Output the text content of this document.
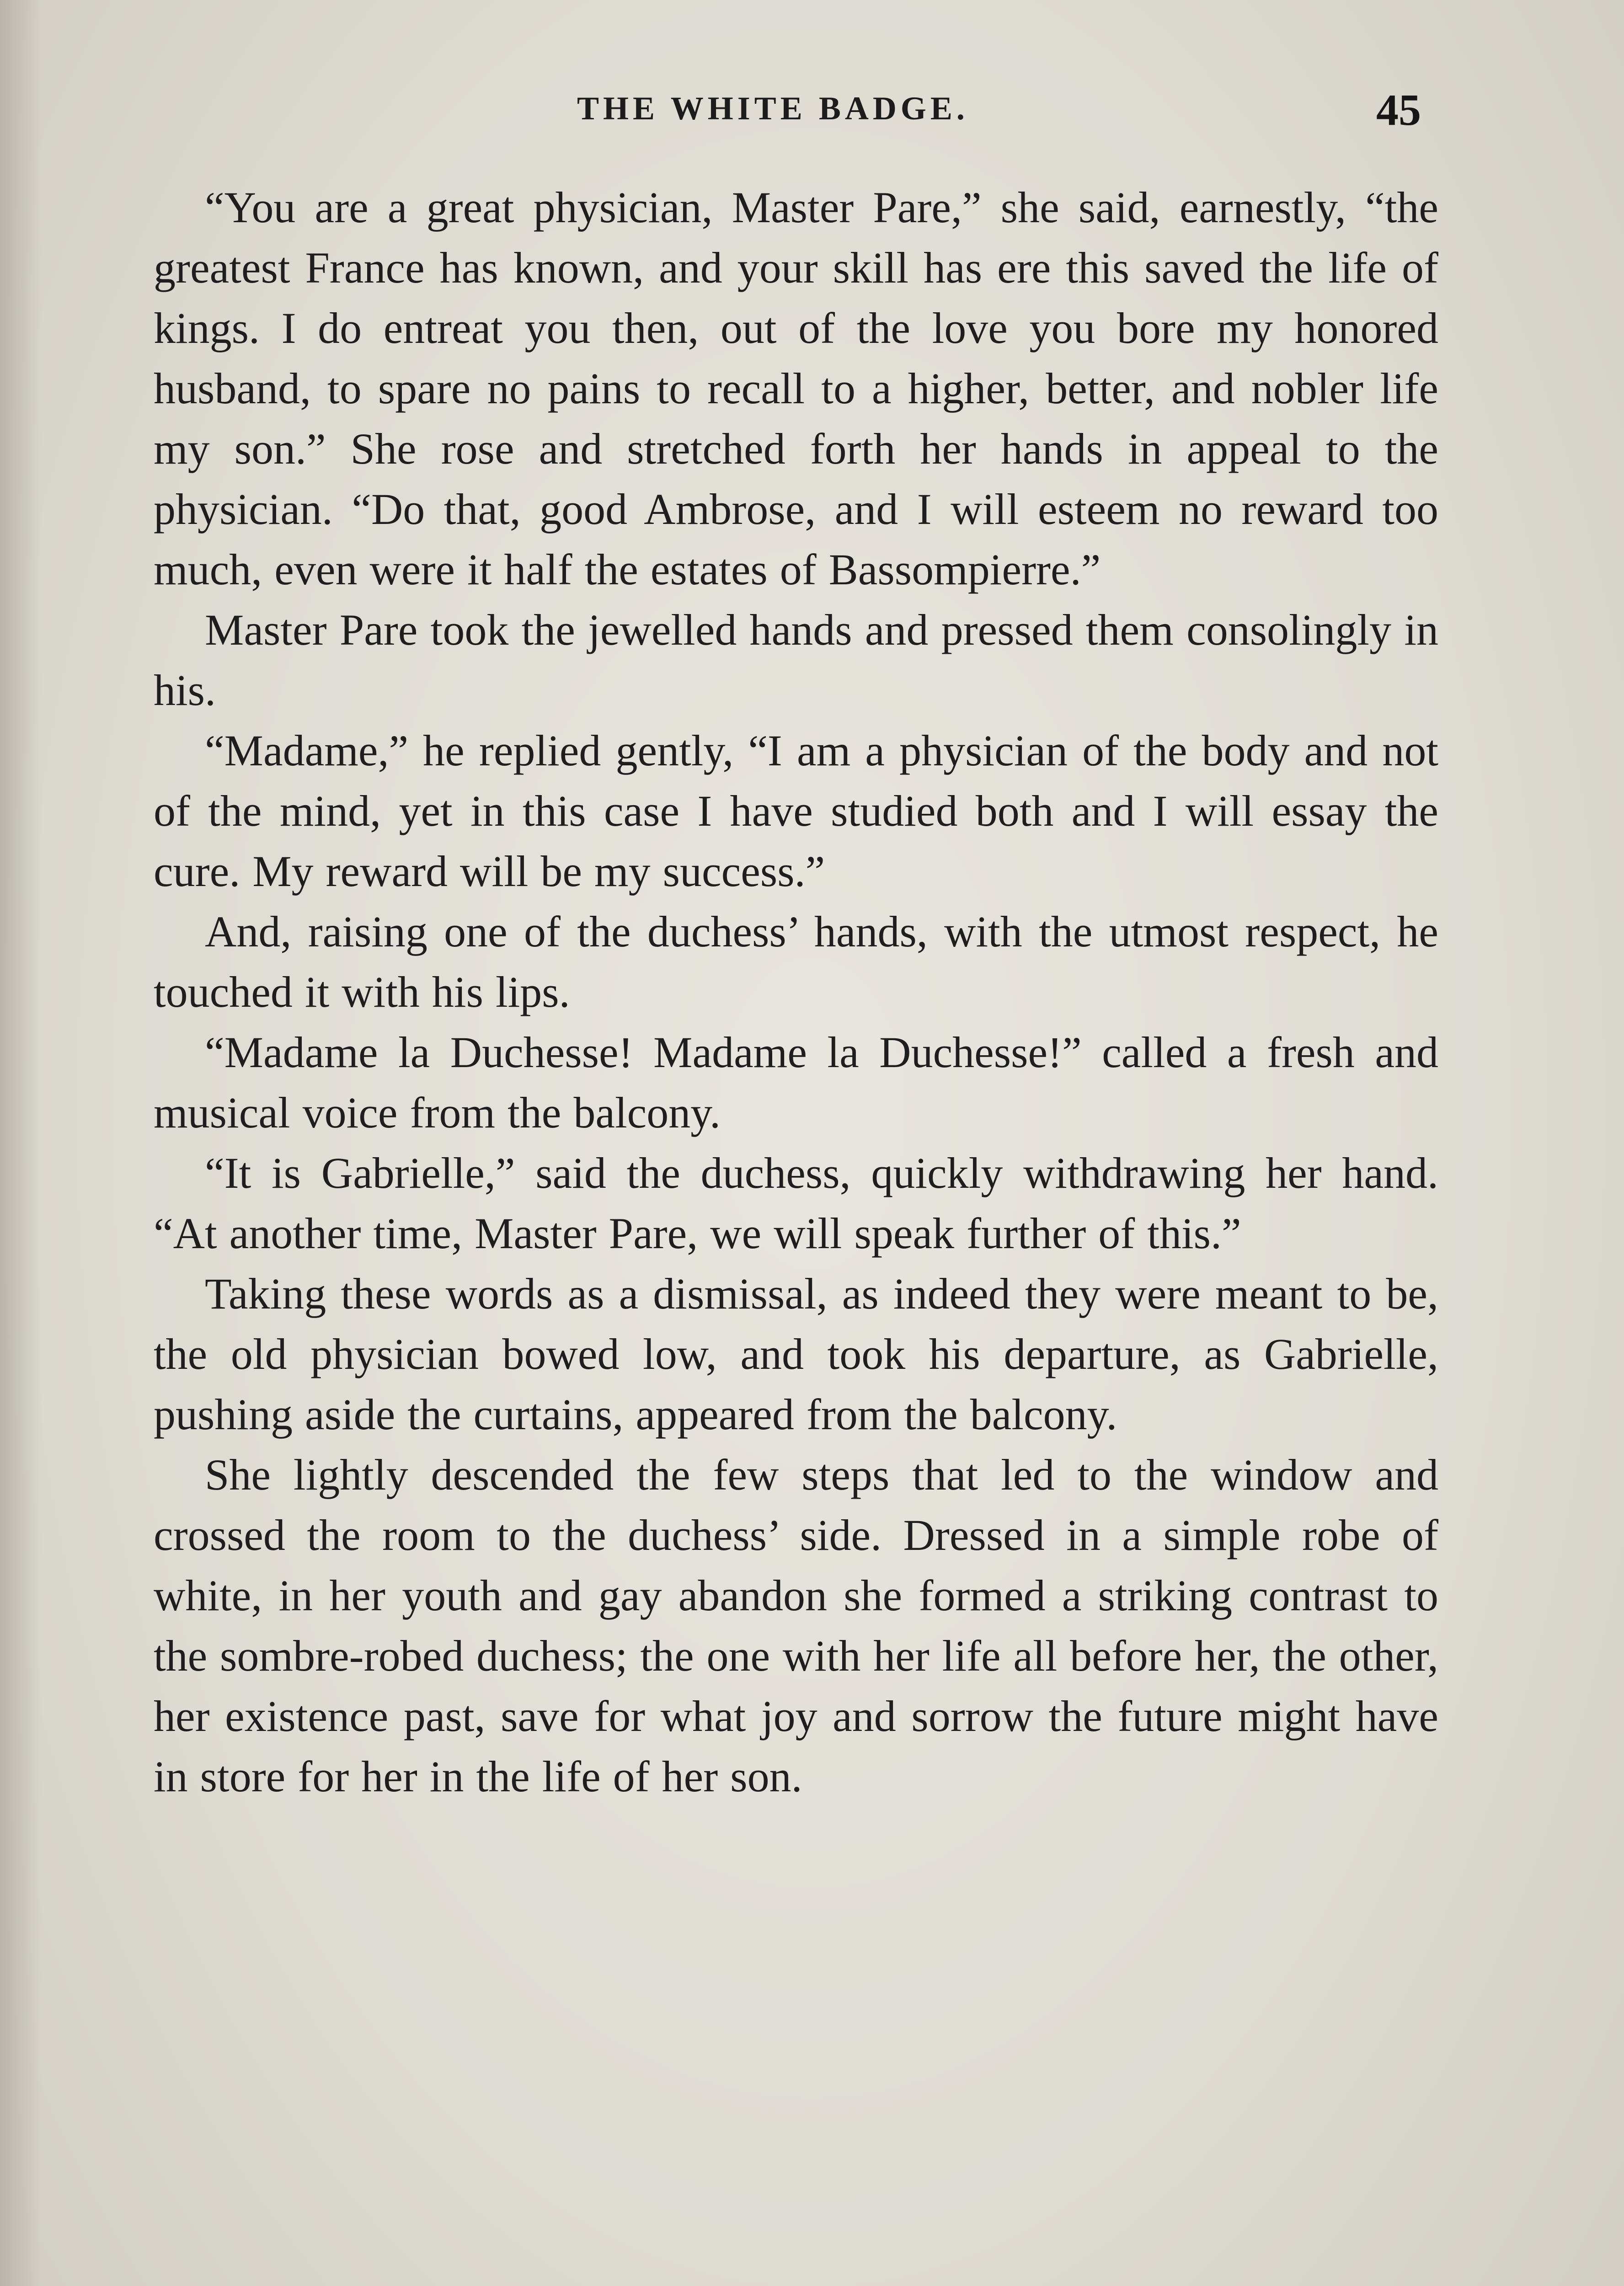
THE WHITE BADGE.	45

“You are a great physician, Master Pare,” she said, earnestly, “the greatest France has known, and your skill has ere this saved the life of kings. I do entreat you then, out of the love you bore my honored husband, to spare no pains to recall to a higher, better, and nobler life my son.” She rose and stretched forth her hands in appeal to the physician. “Do that, good Ambrose, and I will esteem no reward too much, even were it half the estates of Bassompierre.”

Master Pare took the jewelled hands and pressed them consolingly in his.

“Madame,” he replied gently, “I am a physician of the body and not of the mind, yet in this case I have studied both and I will essay the cure. My reward will be my success.”

And, raising one of the duchess’ hands, with the utmost respect, he touched it with his lips.

“Madame la Duchesse! Madame la Duchesse!” called a fresh and musical voice from the balcony.

“It is Gabrielle,” said the duchess, quickly withdrawing her hand. “At another time, Master Pare, we will speak further of this.”

Taking these words as a dismissal, as indeed they were meant to be, the old physician bowed low, and took his departure, as Gabrielle, pushing aside the curtains, appeared from the balcony.

She lightly descended the few steps that led to the window and crossed the room to the duchess’ side. Dressed in a simple robe of white, in her youth and gay abandon she formed a striking contrast to the sombre-robed duchess; the one with her life all before her, the other, her existence past, save for what joy and sorrow the future might have in store for her in the life of her son.
